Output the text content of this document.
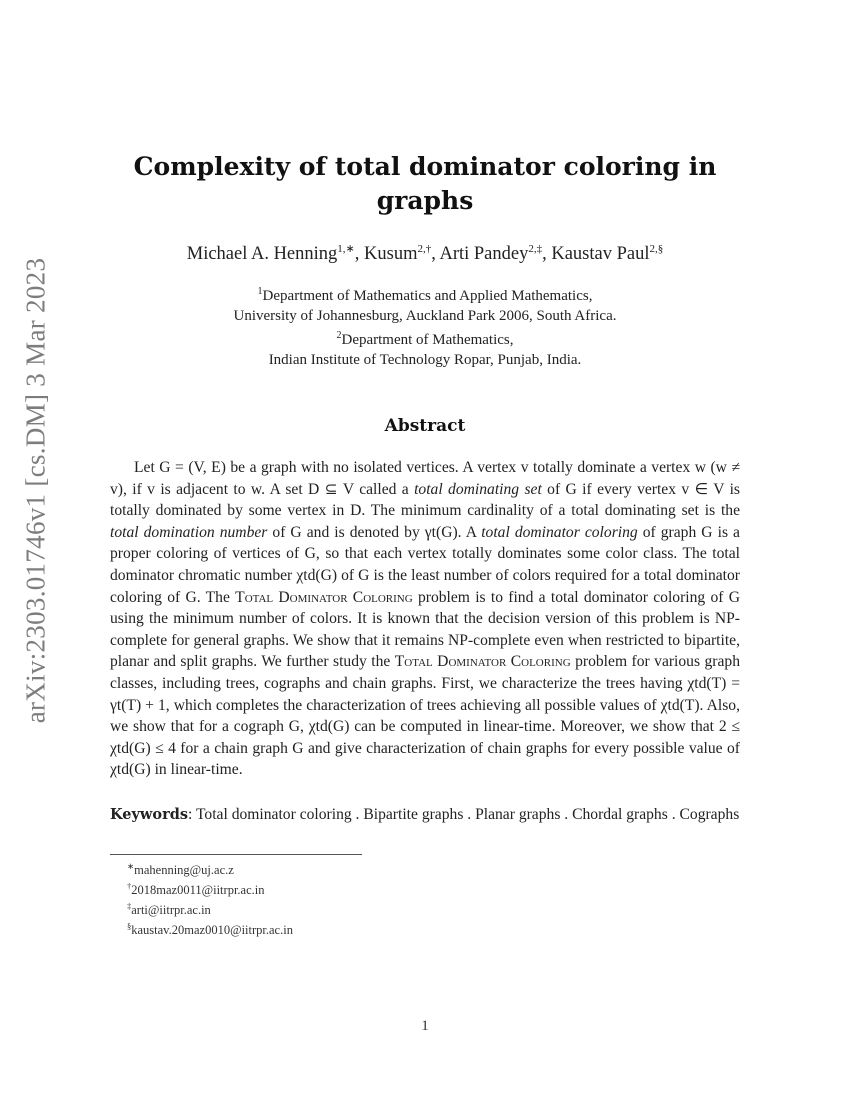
arXiv:2303.01746v1 [cs.DM] 3 Mar 2023
Complexity of total dominator coloring in graphs
Michael A. Henning$^{1,∗}$, Kusum$^{2,\dagger}$, Arti Pandey$^{2,\ddagger}$, Kaustav Paul$^{2,\S}$
$^1$Department of Mathematics and Applied Mathematics,
University of Johannesburg, Auckland Park 2006, South Africa.
$^2$Department of Mathematics,
Indian Institute of Technology Ropar, Punjab, India.
Abstract

Let G = (V, E) be a graph with no isolated vertices. A vertex v totally dominate a vertex w (w ≠ v), if v is adjacent to w. A set D ⊆ V called a total dominating set of G if every vertex v ∈ V is totally dominated by some vertex in D. The minimum cardinality of a total dominating set is the total domination number of G and is denoted by γt(G). A total dominator coloring of graph G is a proper coloring of vertices of G, so that each vertex totally dominates some color class. The total dominator chromatic number χtd(G) of G is the least number of colors required for a total dominator coloring of G. The Total Dominator Coloring problem is to find a total dominator coloring of G using the minimum number of colors. It is known that the decision version of this problem is NP-complete for general graphs. We show that it remains NP-complete even when restricted to bipartite, planar and split graphs. We further study the Total Dominator Coloring problem for various graph classes, including trees, cographs and chain graphs. First, we characterize the trees having χtd(T) = γt(T) + 1, which completes the characterization of trees achieving all possible values of χtd(T). Also, we show that for a cograph G, χtd(G) can be computed in linear-time. Moreover, we show that 2 ≤ χtd(G) ≤ 4 for a chain graph G and give characterization of chain graphs for every possible value of χtd(G) in linear-time.

Keywords: Total dominator coloring . Bipartite graphs . Planar graphs . Chordal graphs . Cographs
∗mahenning@uj.ac.z
†2018maz0011@iitrpr.ac.in
‡arti@iitrpr.ac.in
§kaustav.20maz0010@iitrpr.ac.in
1
